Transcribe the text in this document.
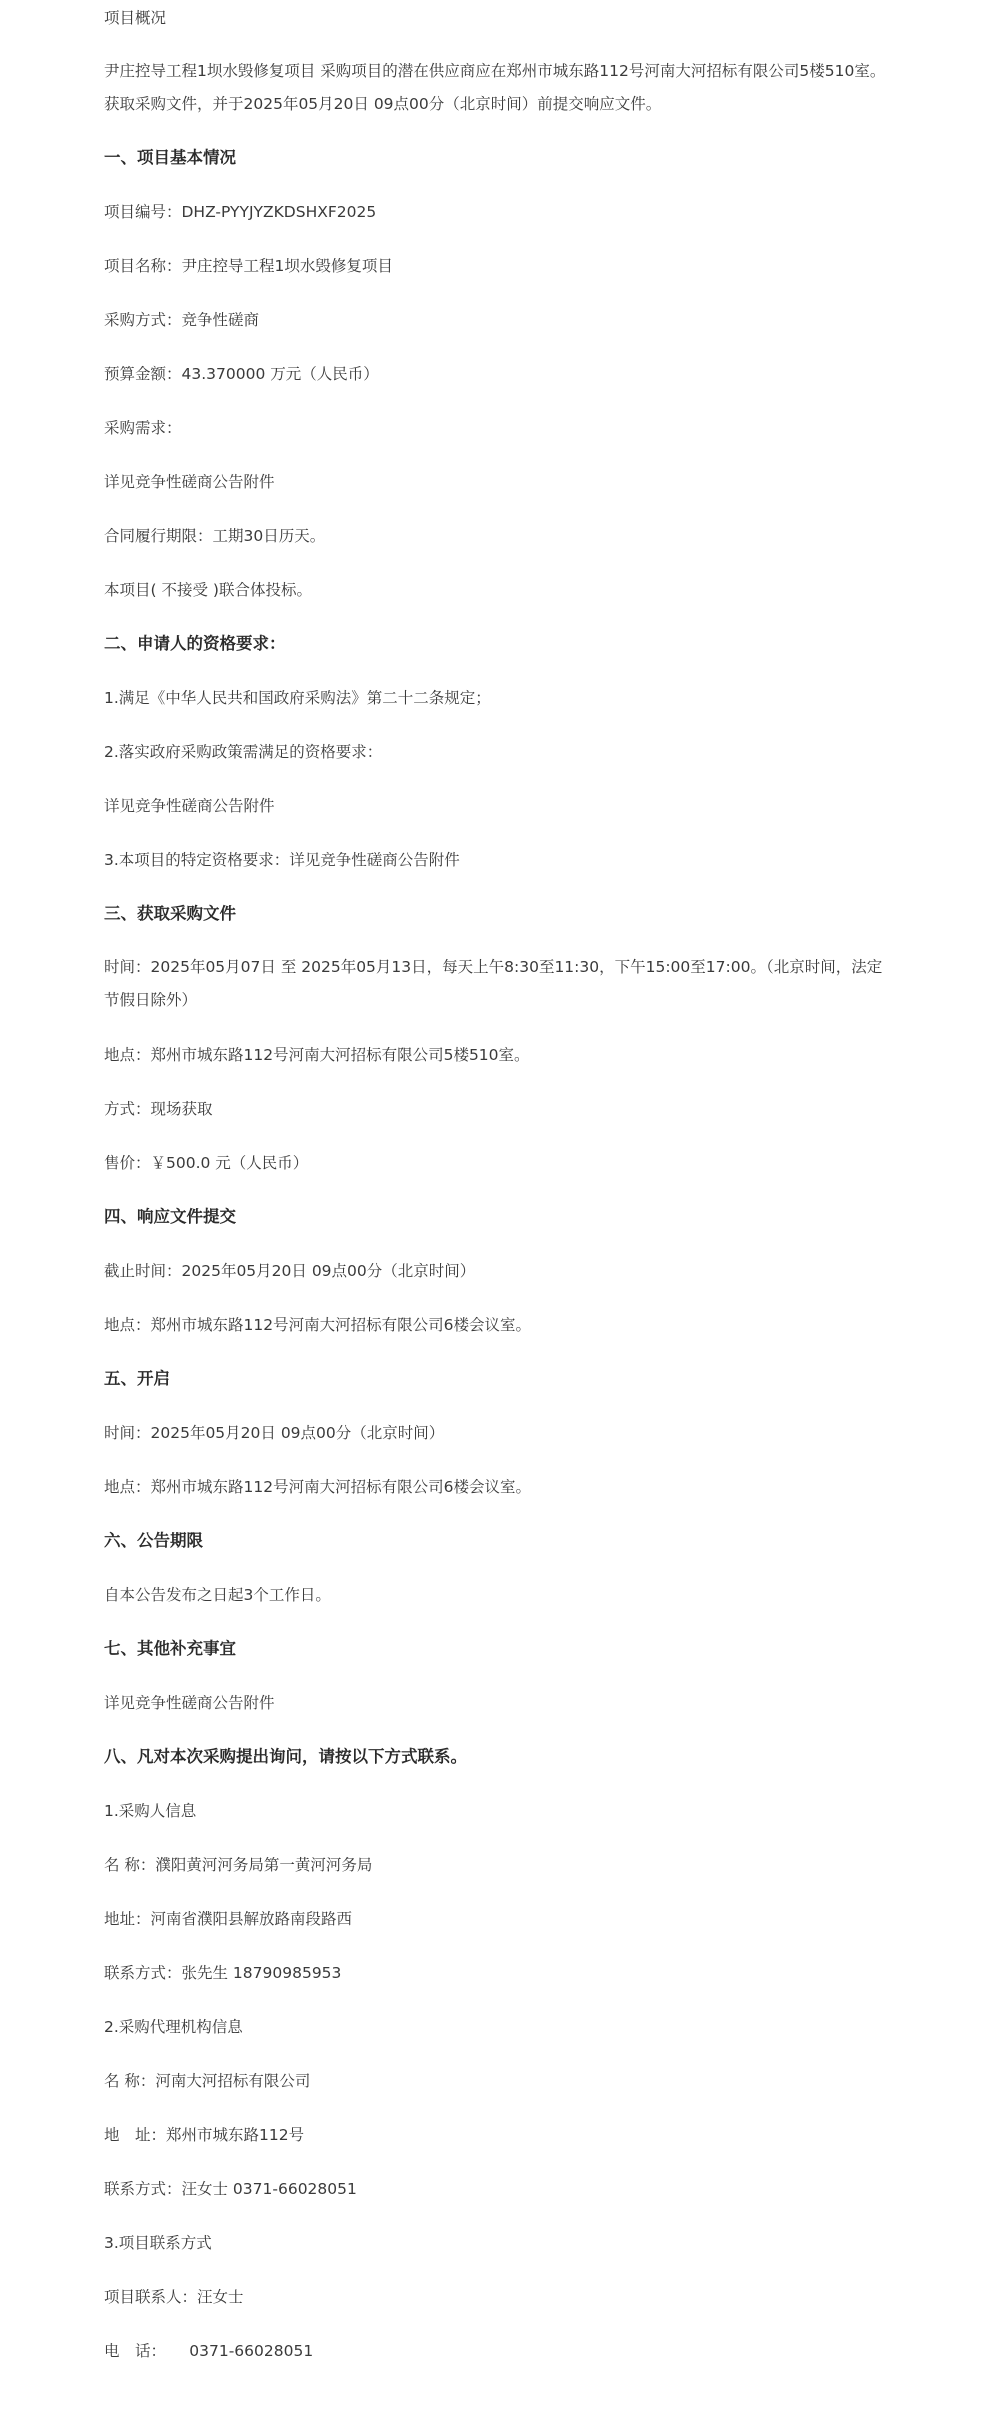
项目概况
尹庄控导工程1坝水毁修复项目 采购项目的潜在供应商应在郑州市城东路112号河南大河招标有限公司5楼510室。获取采购文件，并于2025年05月20日 09点00分（北京时间）前提交响应文件。
一、项目基本情况
项目编号：DHZ-PYYJYZKDSHXF2025
项目名称：尹庄控导工程1坝水毁修复项目
采购方式：竞争性磋商
预算金额：43.370000 万元（人民币）
采购需求：
详见竞争性磋商公告附件
合同履行期限：工期30日历天。
本项目( 不接受 )联合体投标。
二、申请人的资格要求：
1.满足《中华人民共和国政府采购法》第二十二条规定；
2.落实政府采购政策需满足的资格要求：
详见竞争性磋商公告附件
3.本项目的特定资格要求：详见竞争性磋商公告附件
三、获取采购文件
时间：2025年05月07日 至 2025年05月13日，每天上午8:30至11:30，下午15:00至17:00。（北京时间，法定节假日除外）
地点：郑州市城东路112号河南大河招标有限公司5楼510室。
方式：现场获取
售价：￥500.0 元（人民币）
四、响应文件提交
截止时间：2025年05月20日 09点00分（北京时间）
地点：郑州市城东路112号河南大河招标有限公司6楼会议室。
五、开启
时间：2025年05月20日 09点00分（北京时间）
地点：郑州市城东路112号河南大河招标有限公司6楼会议室。
六、公告期限
自本公告发布之日起3个工作日。
七、其他补充事宜
详见竞争性磋商公告附件
八、凡对本次采购提出询问，请按以下方式联系。
1.采购人信息
名 称：濮阳黄河河务局第一黄河河务局
地址：河南省濮阳县解放路南段路西
联系方式：张先生 18790985953
2.采购代理机构信息
名 称：河南大河招标有限公司
地　址：郑州市城东路112号
联系方式：汪女士 0371-66028051
3.项目联系方式
项目联系人：汪女士
电　话：　　0371-66028051
